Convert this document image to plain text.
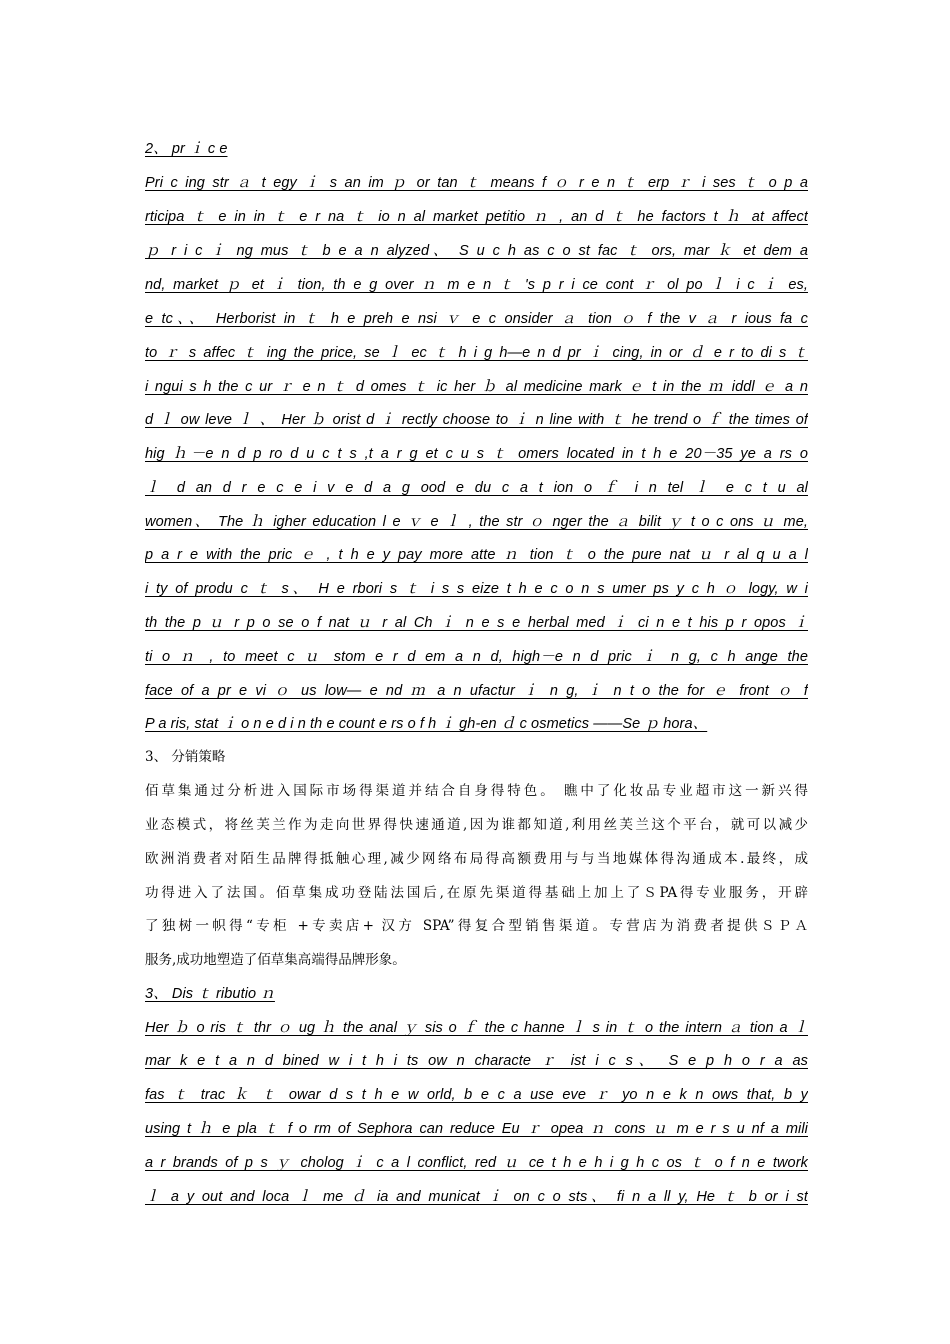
2、 pr ｉ c e
Pri c ing str ａ t egy ｉ s an im ｐ or tan ｔ means f ｏ r e n ｔ erp ｒ i ses ｔ o p a
rticipa ｔ e in in ｔ e r na ｔ io n al market petitio ｎ , an d ｔ he factors t ｈ at affect
ｐ r i c ｉ ng mus ｔ b e a n alyzed、 S u c h as c o st fac ｔ ors, mar ｋ et dem a
nd, market ｐ et ｉ tion, th e g over ｎ m e n ｔ 's p r i ce cont ｒ ol po ｌ i c ｉ es,
e tc、、 Herborist in ｔ h e preh e nsi ｖ e c onsider ａ tion ｏ f the v ａ r ious fa c
to ｒ s affec ｔ ing the price, se ｌ ec ｔ h i g h—e n d pr ｉ cing, in or ｄ e r to di s ｔ
i ngui s h the c ur ｒ e n ｔ d omes ｔ ic her ｂ al medicine mark ｅ t in the ｍ iddl ｅ a n
d ｌ ow leve ｌ 、 Her ｂ orist d ｉ rectly choose to ｉ n line with ｔ he trend o ｆ the times of
hig ｈ－e n d p ro d u c t s ,t a r g et c u s ｔ omers located in t h e 20－35 ye a rs o
ｌ d an d r e c e i v e d a g ood e du c a t ion o ｆ i n tel ｌ e c t u al
women、 The ｈ igher education l e ｖ e ｌ , the str ｏ nger the ａ bilit ｙ t o c ons ｕ me,
p a r e with the pric ｅ , t h e y pay more atte ｎ tion ｔ o the pure nat ｕ r al q u a l
i ty of produ c ｔ s、 H e rbori s ｔ i s s eize t h e c o n s umer ps y c h ｏ logy, w i
th the p ｕ r p o se o f nat ｕ r al Ch ｉ n e s e herbal med ｉ ci n e t his p r opos ｉ
ti o ｎ , to meet c ｕ stom e r d em a n d, high－e n d pric ｉ n g, c h ange the
face of a pr e vi ｏ us low— e nd ｍ a n ufactur ｉ n g, ｉ n t o the for ｅ front ｏ f
P a ris, stat ｉ o n e d i n th e count e rs o f h ｉ gh-en ｄ c osmetics ——Se ｐ hora、
3、 分销策略
佰草集通过分析进入国际市场得渠道并结合自身得特色。 瞧中了化妆品专业超市这一新兴得
业态模式，将丝芙兰作为走向世界得快速通道,因为谁都知道,利用丝芙兰这个平台，就可以减少
欧洲消费者对陌生品牌得抵触心理,减少网络布局得高额费用与与当地媒体得沟通成本.最终，成
功得进入了法国。佰草集成功登陆法国后,在原先渠道得基础上加上了ＳPA得专业服务，开辟
了独树一帜得“专柜 +专卖店+ 汉方 SPA”得复合型销售渠道。专营店为消费者提供ＳＰＡ
服务,成功地塑造了佰草集高端得品牌形象。
3、 Dis ｔ ributio ｎ
Her ｂ o ris ｔ thr ｏ ug ｈ the anal ｙ sis o ｆ the c hanne ｌ s in ｔ o the intern ａ tion a ｌ
mar k e t a n d bined w i t h i ts ow n characte ｒ ist i c s、 S e p h o r a as
fas ｔ trac ｋ ｔ owar d s t h e w orld, b e c a use eve ｒ yo n e k n ows that, b y
using t ｈ e pla ｔ f o rm of Sephora can reduce Eu ｒ opea ｎ cons ｕ m e r s u nf a mili
a r brands of p s ｙ cholog ｉ c a l conflict, red ｕ ce t h e h i g h c os ｔ o f n e twork
ｌ a y out and loca ｌ me ｄ ia and municat ｉ on c o sts、 fi n a ll y, He ｔ b or i st
